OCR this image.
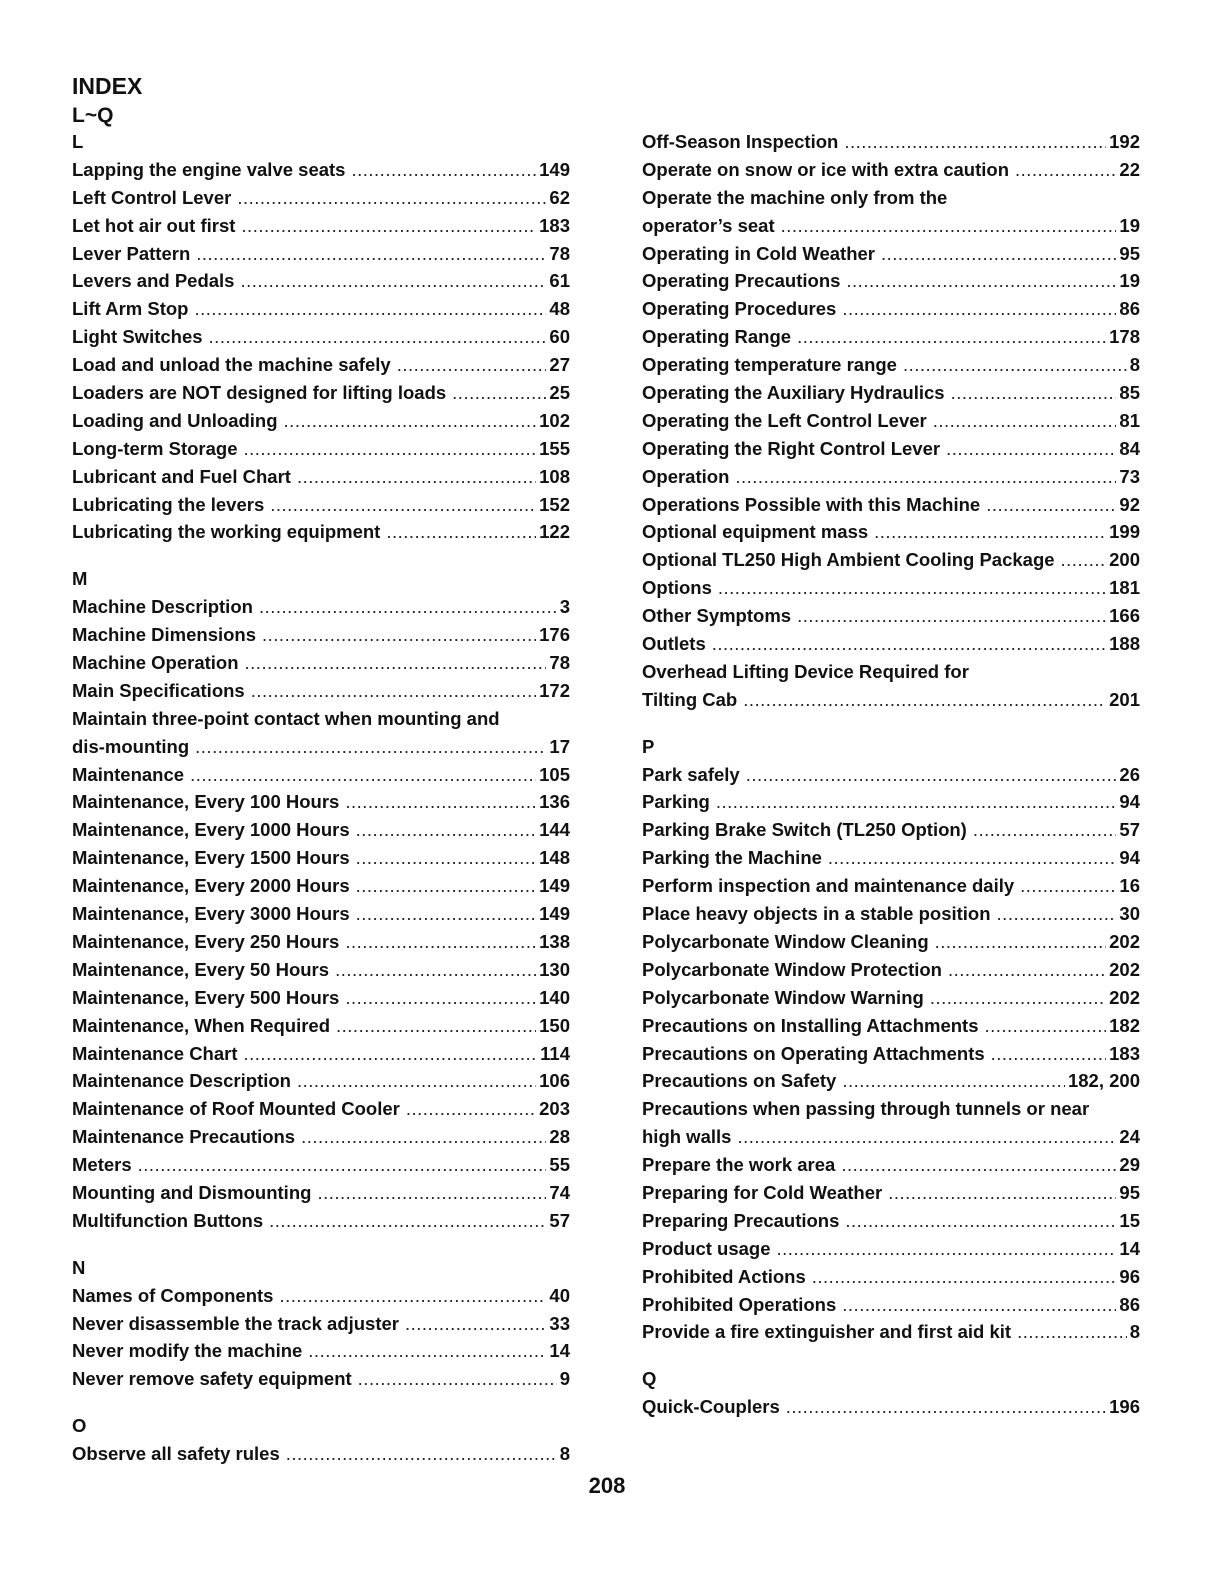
INDEX
L~Q
L
Lapping the engine valve seats .....	149
Left Control Lever .....	62
Let hot air out first .....	183
Lever Pattern .....	78
Levers and Pedals .....	61
Lift Arm Stop .....	48
Light Switches .....	60
Load and unload the machine safely .....	27
Loaders are NOT designed for lifting loads .....	25
Loading and Unloading .....	102
Long-term Storage .....	155
Lubricant and Fuel Chart .....	108
Lubricating the levers .....	152
Lubricating the working equipment .....	122
M
Machine Description .....	3
Machine Dimensions .....	176
Machine Operation .....	78
Main Specifications .....	172
Maintain three-point contact when mounting and
dis-mounting .....	17
Maintenance .....	105
Maintenance, Every 100 Hours .....	136
Maintenance, Every 1000 Hours .....	144
Maintenance, Every 1500 Hours .....	148
Maintenance, Every 2000 Hours .....	149
Maintenance, Every 3000 Hours .....	149
Maintenance, Every 250 Hours .....	138
Maintenance, Every 50 Hours .....	130
Maintenance, Every 500 Hours .....	140
Maintenance, When Required .....	150
Maintenance Chart .....	114
Maintenance Description .....	106
Maintenance of Roof Mounted Cooler .....	203
Maintenance Precautions .....	28
Meters .....	55
Mounting and Dismounting .....	74
Multifunction Buttons .....	57
N
Names of Components .....	40
Never disassemble the track adjuster .....	33
Never modify the machine .....	14
Never remove safety equipment .....	9
O
Observe all safety rules .....	8
Off-Season Inspection .....	192
Operate on snow or ice with extra caution .....	22
Operate the machine only from the
operator’s seat .....	19
Operating in Cold Weather .....	95
Operating Precautions .....	19
Operating Procedures .....	86
Operating Range .....	178
Operating temperature range .....	8
Operating the Auxiliary Hydraulics .....	85
Operating the Left Control Lever .....	81
Operating the Right Control Lever .....	84
Operation .....	73
Operations Possible with this Machine .....	92
Optional equipment mass .....	199
Optional TL250 High Ambient Cooling Package .....	200
Options .....	181
Other Symptoms .....	166
Outlets .....	188
Overhead Lifting Device Required for
Tilting Cab .....	201
P
Park safely .....	26
Parking .....	94
Parking Brake Switch (TL250 Option) .....	57
Parking the Machine .....	94
Perform inspection and maintenance daily .....	16
Place heavy objects in a stable position .....	30
Polycarbonate Window Cleaning .....	202
Polycarbonate Window Protection .....	202
Polycarbonate Window Warning .....	202
Precautions on Installing Attachments .....	182
Precautions on Operating Attachments .....	183
Precautions on Safety .....	182, 200
Precautions when passing through tunnels or near
high walls .....	24
Prepare the work area .....	29
Preparing for Cold Weather .....	95
Preparing Precautions .....	15
Product usage .....	14
Prohibited Actions .....	96
Prohibited Operations .....	86
Provide a fire extinguisher and first aid kit .....	8
Q
Quick-Couplers .....	196
208
